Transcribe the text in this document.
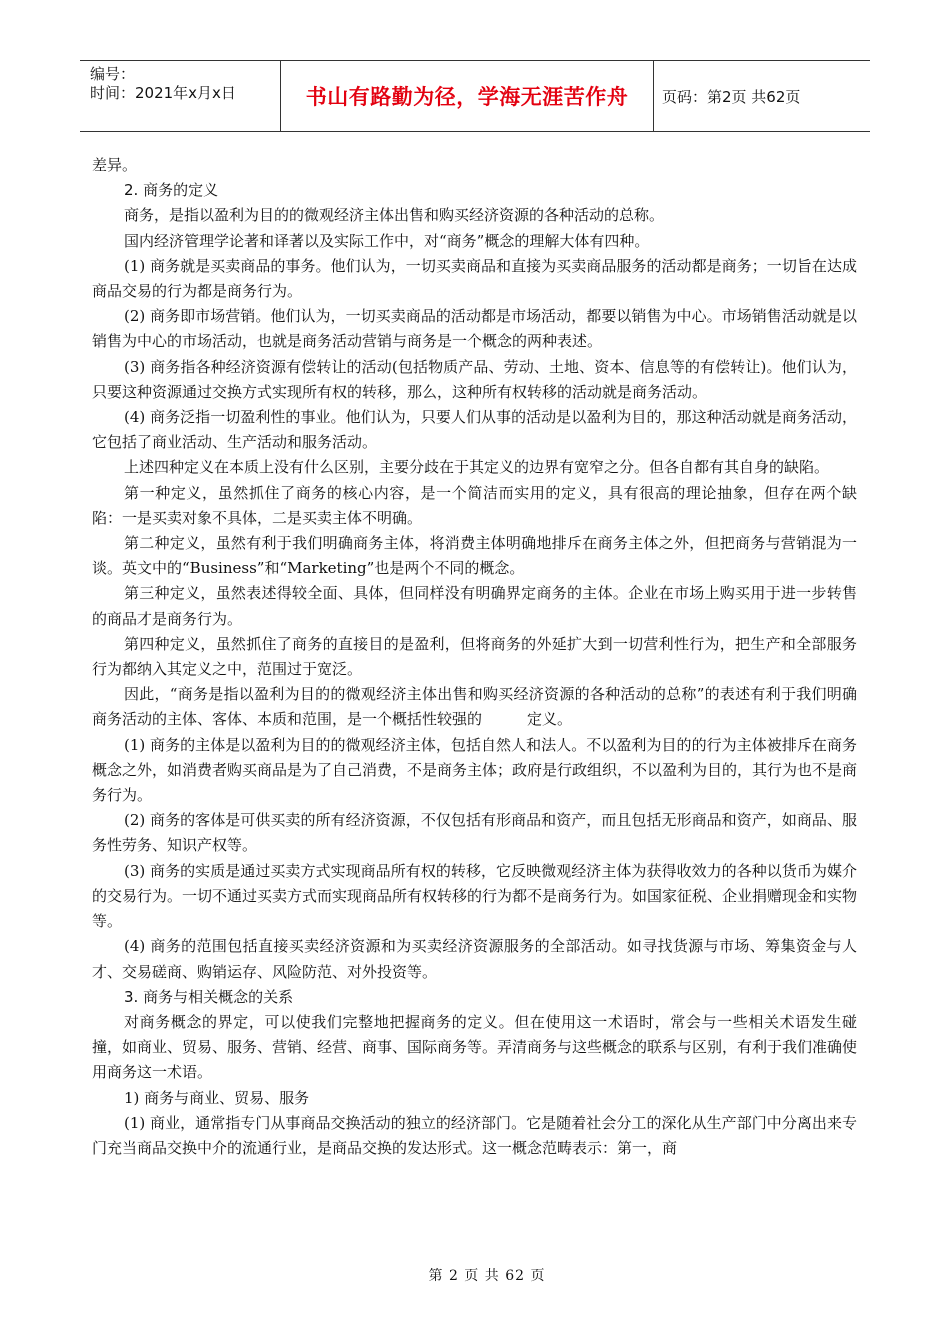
编号：
时间：2021年x月x日	书山有路勤为径，学海无涯苦作舟	页码：第2页 共62页

差异。

2. 商务的定义

商务，是指以盈利为目的的微观经济主体出售和购买经济资源的各种活动的总称。

国内经济管理学论著和译著以及实际工作中，对“商务”概念的理解大体有四种。

(1) 商务就是买卖商品的事务。他们认为，一切买卖商品和直接为买卖商品服务的活动都是商务；一切旨在达成商品交易的行为都是商务行为。

(2) 商务即市场营销。他们认为，一切买卖商品的活动都是市场活动，都要以销售为中心。市场销售活动就是以销售为中心的市场活动，也就是商务活动营销与商务是一个概念的两种表述。

(3) 商务指各种经济资源有偿转让的活动(包括物质产品、劳动、土地、资本、信息等的有偿转让)。他们认为，只要这种资源通过交换方式实现所有权的转移，那么，这种所有权转移的活动就是商务活动。

(4) 商务泛指一切盈利性的事业。他们认为，只要人们从事的活动是以盈利为目的，那这种活动就是商务活动，它包括了商业活动、生产活动和服务活动。

上述四种定义在本质上没有什么区别，主要分歧在于其定义的边界有宽窄之分。但各自都有其自身的缺陷。

第一种定义，虽然抓住了商务的核心内容，是一个简洁而实用的定义，具有很高的理论抽象，但存在两个缺陷：一是买卖对象不具体，二是买卖主体不明确。

第二种定义，虽然有利于我们明确商务主体，将消费主体明确地排斥在商务主体之外，但把商务与营销混为一谈。英文中的“Business”和“Marketing”也是两个不同的概念。

第三种定义，虽然表述得较全面、具体，但同样没有明确界定商务的主体。企业在市场上购买用于进一步转售的商品才是商务行为。

第四种定义，虽然抓住了商务的直接目的是盈利，但将商务的外延扩大到一切营利性行为，把生产和全部服务行为都纳入其定义之中，范围过于宽泛。

因此，“商务是指以盈利为目的的微观经济主体出售和购买经济资源的各种活动的总称”的表述有利于我们明确商务活动的主体、客体、本质和范围，是一个概括性较强的　　　定义。

(1) 商务的主体是以盈利为目的的微观经济主体，包括自然人和法人。不以盈利为目的的行为主体被排斥在商务概念之外，如消费者购买商品是为了自己消费，不是商务主体；政府是行政组织，不以盈利为目的，其行为也不是商务行为。

(2) 商务的客体是可供买卖的所有经济资源，不仅包括有形商品和资产，而且包括无形商品和资产，如商品、服务性劳务、知识产权等。

(3) 商务的实质是通过买卖方式实现商品所有权的转移，它反映微观经济主体为获得收效力的各种以货币为媒介的交易行为。一切不通过买卖方式而实现商品所有权转移的行为都不是商务行为。如国家征税、企业捐赠现金和实物等。

(4) 商务的范围包括直接买卖经济资源和为买卖经济资源服务的全部活动。如寻找货源与市场、筹集资金与人才、交易磋商、购销运存、风险防范、对外投资等。

3. 商务与相关概念的关系

对商务概念的界定，可以使我们完整地把握商务的定义。但在使用这一术语时，常会与一些相关术语发生碰撞，如商业、贸易、服务、营销、经营、商事、国际商务等。弄清商务与这些概念的联系与区别，有利于我们准确使用商务这一术语。

1) 商务与商业、贸易、服务

(1) 商业，通常指专门从事商品交换活动的独立的经济部门。它是随着社会分工的深化从生产部门中分离出来专门充当商品交换中介的流通行业，是商品交换的发达形式。这一概念范畴表示：第一，商

第 2 页 共 62 页
